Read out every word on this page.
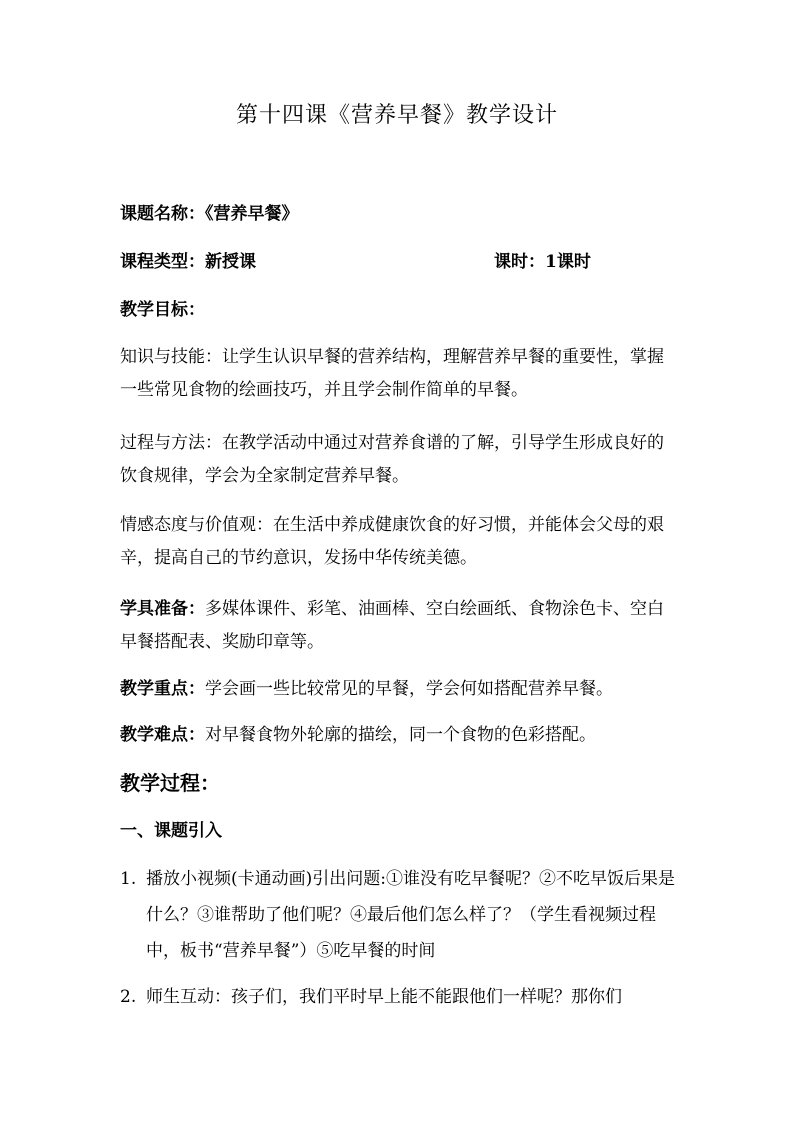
第十四课《营养早餐》教学设计
课题名称：《营养早餐》
课程类型：新授课	课时：1课时
教学目标：
知识与技能：让学生认识早餐的营养结构，理解营养早餐的重要性，掌握一些常见食物的绘画技巧，并且学会制作简单的早餐。
过程与方法：在教学活动中通过对营养食谱的了解，引导学生形成良好的饮食规律，学会为全家制定营养早餐。
情感态度与价值观：在生活中养成健康饮食的好习惯，并能体会父母的艰辛，提高自己的节约意识，发扬中华传统美德。
学具准备：多媒体课件、彩笔、油画棒、空白绘画纸、食物涂色卡、空白早餐搭配表、奖励印章等。
教学重点：学会画一些比较常见的早餐，学会何如搭配营养早餐。
教学难点：对早餐食物外轮廓的描绘，同一个食物的色彩搭配。
教学过程：
一、课题引入
1. 播放小视频(卡通动画)引出问题:①谁没有吃早餐呢？②不吃早饭后果是什么？③谁帮助了他们呢？④最后他们怎么样了？（学生看视频过程中，板书“营养早餐”）⑤吃早餐的时间
2. 师生互动：孩子们，我们平时早上能不能跟他们一样呢？那你们
